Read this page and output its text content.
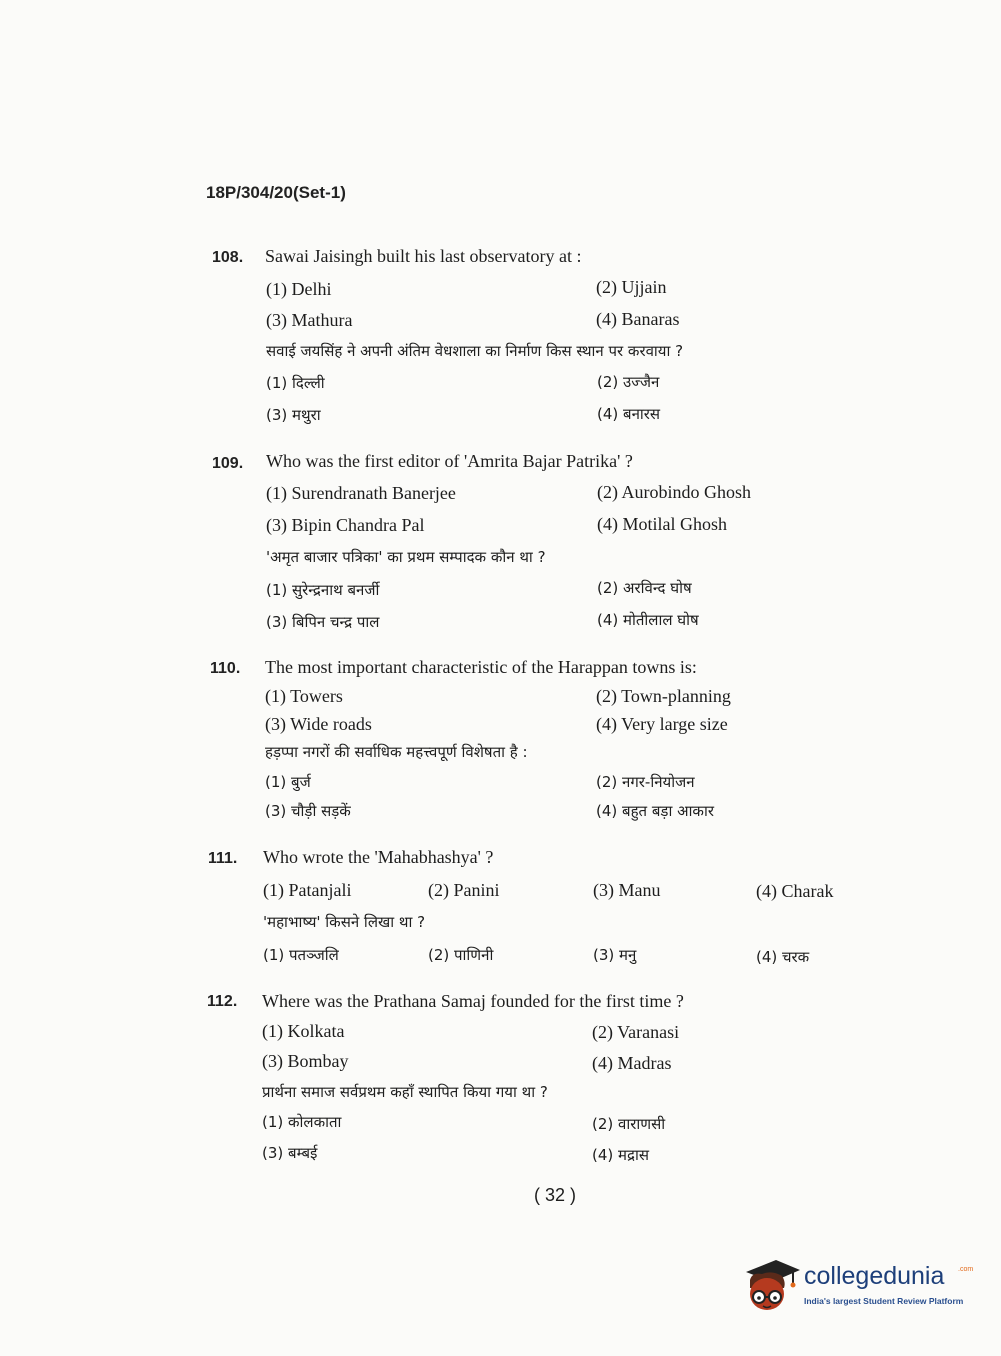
18P/304/20(Set-1)
108. Sawai Jaisingh built his last observatory at :
(1) Delhi	(2) Ujjain
(3) Mathura	(4) Banaras
सवाई जयसिंह ने अपनी अंतिम वेधशाला का निर्माण किस स्थान पर करवाया ?
(1) दिल्ली	(2) उज्जैन
(3) मथुरा	(4) बनारस
109. Who was the first editor of 'Amrita Bajar Patrika' ?
(1) Surendranath Banerjee	(2) Aurobindo Ghosh
(3) Bipin Chandra Pal	(4) Motilal Ghosh
'अमृत बाजार पत्रिका' का प्रथम सम्पादक कौन था ?
(1) सुरेन्द्रनाथ बनर्जी	(2) अरविन्द घोष
(3) बिपिन चन्द्र पाल	(4) मोतीलाल घोष
110. The most important characteristic of the Harappan towns is:
(1) Towers	(2) Town-planning
(3) Wide roads	(4) Very large size
हड़प्पा नगरों की सर्वाधिक महत्त्वपूर्ण विशेषता है :
(1) बुर्ज	(2) नगर-नियोजन
(3) चौड़ी सड़कें	(4) बहुत बड़ा आकार
111. Who wrote the 'Mahabhashya' ?
(1) Patanjali	(2) Panini	(3) Manu	(4) Charak
'महाभाष्य' किसने लिखा था ?
(1) पतञ्जलि	(2) पाणिनी	(3) मनु	(4) चरक
112. Where was the Prathana Samaj founded for the first time ?
(1) Kolkata	(2) Varanasi
(3) Bombay	(4) Madras
प्रार्थना समाज सर्वप्रथम कहाँ स्थापित किया गया था ?
(1) कोलकाता	(2) वाराणसी
(3) बम्बई	(4) मद्रास
( 32 )
collegedunia .com
India's largest Student Review Platform
